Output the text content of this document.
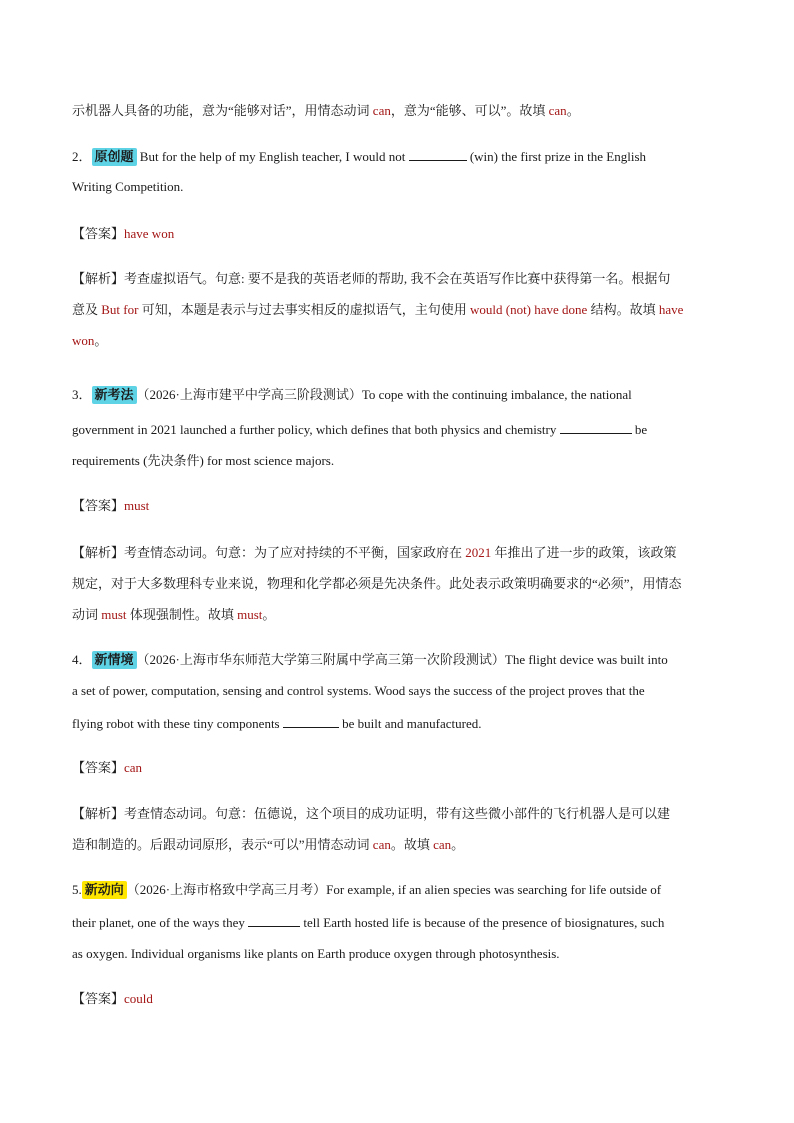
示机器人具备的功能，意为“能够对话”，用情态动词 can，意为“能够、可以”。故填 can。
2． 原创题 But for the help of my English teacher, I would not	(win) the first prize in the English
Writing Competition.
【答案】have won
【解析】考查虚拟语气。句意: 要不是我的英语老师的帮助, 我不会在英语写作比赛中获得第一名。根据句
意及 But for 可知，本题是表示与过去事实相反的虚拟语气，主句使用 would (not) have done 结构。故填 have
won。
3． 新考法 （2026·上海市建平中学高三阶段测试）To cope with the continuing imbalance, the national
government in 2021 launched a further policy, which defines that both physics and chemistry	be
requirements (先决条件) for most science majors.
【答案】must
【解析】考查情态动词。句意：为了应对持续的不平衡，国家政府在 2021 年推出了进一步的政策，该政策
规定，对于大多数理科专业来说，物理和化学都必须是先决条件。此处表示政策明确要求的“必须”，用情态
动词 must 体现强制性。故填 must。
4． 新情境 （2026·上海市华东师范大学第三附属中学高三第一次阶段测试）The flight device was built into
a set of power, computation, sensing and control systems. Wood says the success of the project proves that the
flying robot with these tiny components	be built and manufactured.
【答案】can
【解析】考查情态动词。句意：伍德说，这个项目的成功证明，带有这些微小部件的飞行机器人是可以建
造和制造的。后跟动词原形，表示“可以”用情态动词 can。故填 can。
5. 新动向 （2026·上海市格致中学高三月考）For example, if an alien species was searching for life outside of
their planet, one of the ways they	tell Earth hosted life is because of the presence of biosignatures, such
as oxygen. Individual organisms like plants on Earth produce oxygen through photosynthesis.
【答案】could
